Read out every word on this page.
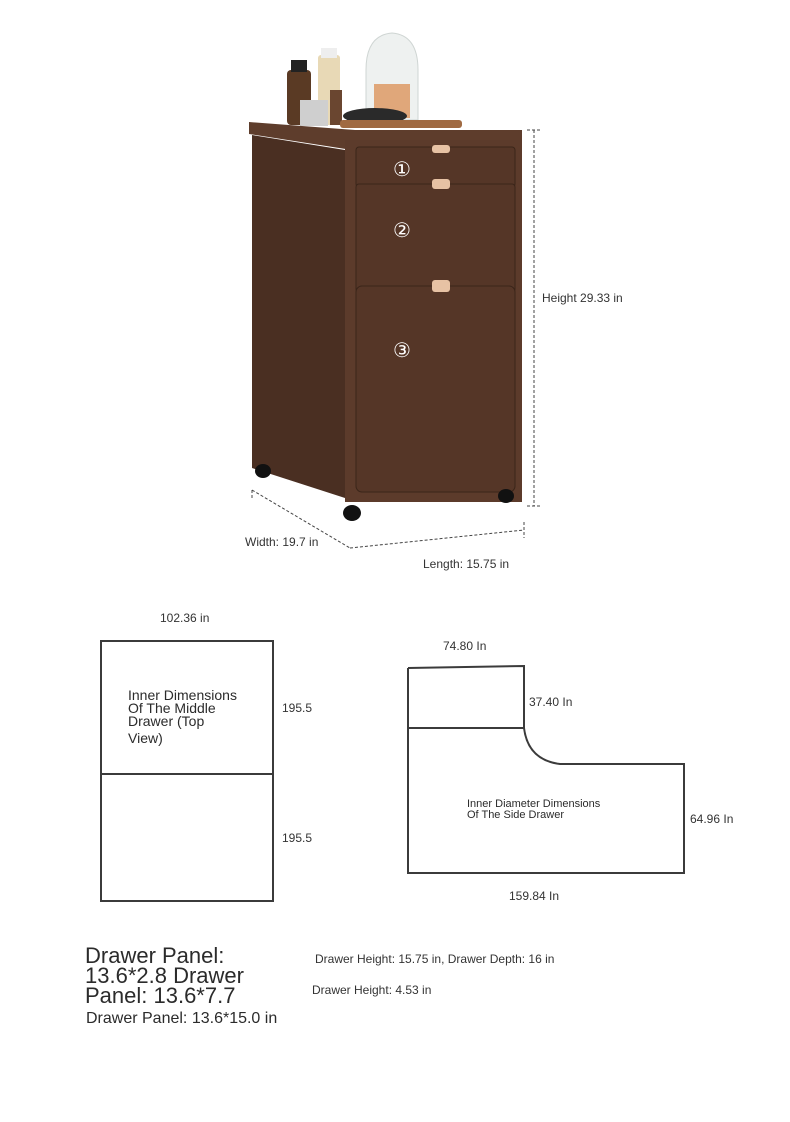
①
②
③
Height 29.33 in
Width: 19.7 in
Length: 15.75 in
102.36 in
Inner Dimensions
Of The Middle
Drawer (Top
View)
195.5
195.5
74.80 In
37.40 In
64.96 In
159.84 In
Inner Diameter Dimensions
Of The Side Drawer
Drawer Panel:
13.6*2.8 Drawer
Panel: 13.6*7.7
Drawer Panel: 13.6*15.0 in
Drawer Height: 15.75 in, Drawer Depth: 16 in
Drawer Height: 4.53 in
